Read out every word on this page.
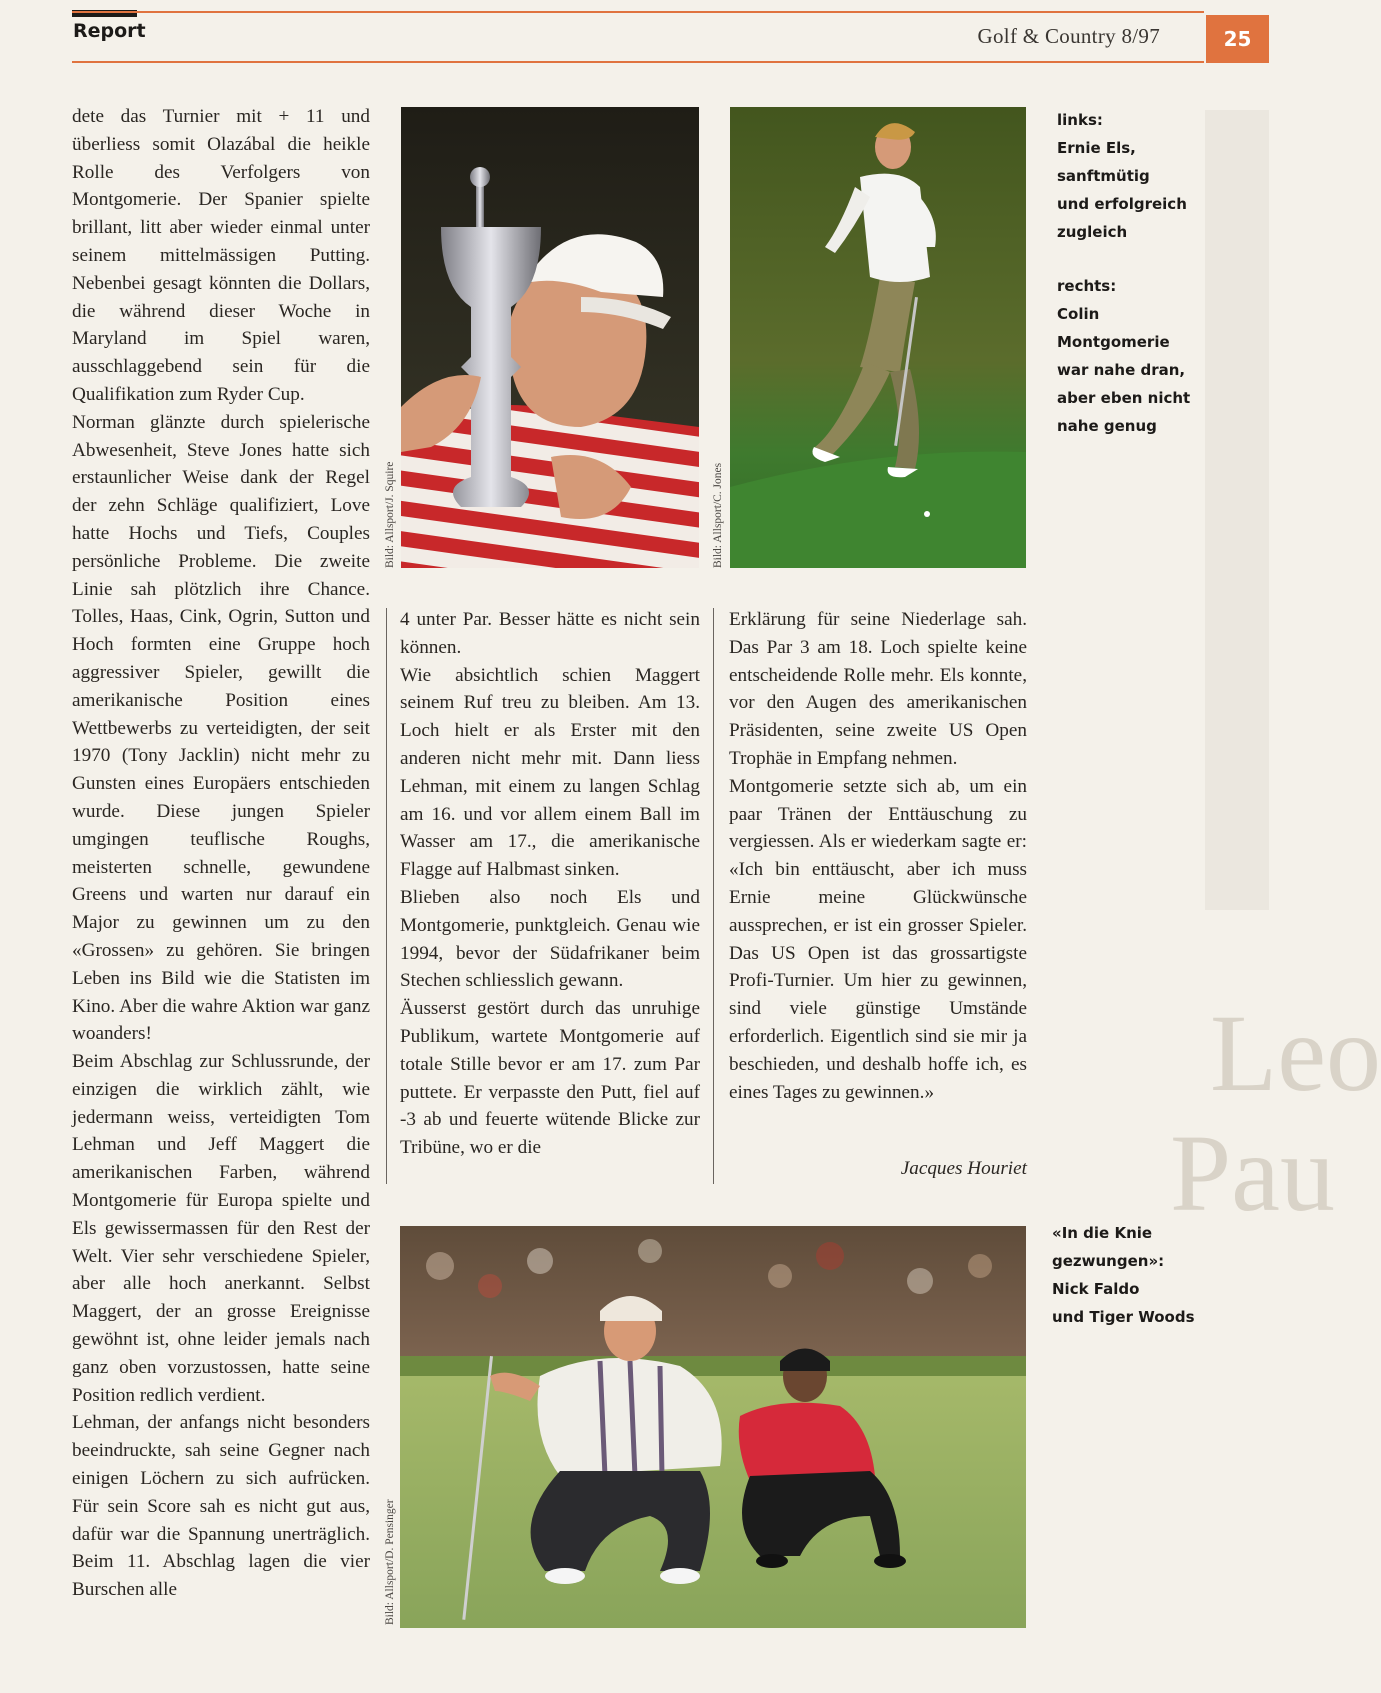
Report	Golf & Country 8/97	25

dete das Turnier mit + 11 und überliess somit Olazábal die heikle Rolle des Verfolgers von Montgomerie. Der Spanier spielte brillant, litt aber wieder einmal unter seinem mittelmässigen Putting. Nebenbei gesagt könnten die Dollars, die während dieser Woche in Maryland im Spiel waren, ausschlaggebend sein für die Qualifikation zum Ryder Cup.

Norman glänzte durch spielerische Abwesenheit, Steve Jones hatte sich erstaunlicher Weise dank der Regel der zehn Schläge qualifiziert, Love hatte Hochs und Tiefs, Couples persönliche Probleme. Die zweite Linie sah plötzlich ihre Chance. Tolles, Haas, Cink, Ogrin, Sutton und Hoch formten eine Gruppe hoch aggressiver Spieler, gewillt die amerikanische Position eines Wettbewerbs zu verteidigten, der seit 1970 (Tony Jacklin) nicht mehr zu Gunsten eines Europäers entschieden wurde. Diese jungen Spieler umgingen teuflische Roughs, meisterten schnelle, gewundene Greens und warten nur darauf ein Major zu gewinnen um zu den «Grossen» zu gehören. Sie bringen Leben ins Bild wie die Statisten im Kino. Aber die wahre Aktion war ganz woanders!

Beim Abschlag zur Schlussrunde, der einzigen die wirklich zählt, wie jedermann weiss, verteidigten Tom Lehman und Jeff Maggert die amerikanischen Farben, während Montgomerie für Europa spielte und Els gewissermassen für den Rest der Welt. Vier sehr verschiedene Spieler, aber alle hoch anerkannt. Selbst Maggert, der an grosse Ereignisse gewöhnt ist, ohne leider jemals nach ganz oben vorzustossen, hatte seine Position redlich verdient.

Lehman, der anfangs nicht besonders beeindruckte, sah seine Gegner nach einigen Löchern zu sich aufrücken. Für sein Score sah es nicht gut aus, dafür war die Spannung unerträglich. Beim 11. Abschlag lagen die vier Burschen alle

Bild: Allsport/J. Squire	Bild: Allsport/C. Jones
links:
Ernie Els,
sanftmütig
und erfolgreich
zugleich
rechts:
Colin
Montgomerie
war nahe dran,
aber eben nicht
nahe genug

4 unter Par. Besser hätte es nicht sein können.

Wie absichtlich schien Maggert seinem Ruf treu zu bleiben. Am 13. Loch hielt er als Erster mit den anderen nicht mehr mit. Dann liess Lehman, mit einem zu langen Schlag am 16. und vor allem einem Ball im Wasser am 17., die amerikanische Flagge auf Halbmast sinken.

Blieben also noch Els und Montgomerie, punktgleich. Genau wie 1994, bevor der Südafrikaner beim Stechen schliesslich gewann.

Äusserst gestört durch das unruhige Publikum, wartete Montgomerie auf totale Stille bevor er am 17. zum Par puttete. Er verpasste den Putt, fiel auf -3 ab und feuerte wütende Blicke zur Tribüne, wo er die

Erklärung für seine Niederlage sah. Das Par 3 am 18. Loch spielte keine entscheidende Rolle mehr. Els konnte, vor den Augen des amerikanischen Präsidenten, seine zweite US Open Trophäe in Empfang nehmen.

Montgomerie setzte sich ab, um ein paar Tränen der Enttäuschung zu vergiessen. Als er wiederkam sagte er: «Ich bin enttäuscht, aber ich muss Ernie meine Glückwünsche aussprechen, er ist ein grosser Spieler. Das US Open ist das grossartigste Profi-Turnier. Um hier zu gewinnen, sind viele günstige Umstände erforderlich. Eigentlich sind sie mir ja beschieden, und deshalb hoffe ich, es eines Tages zu gewinnen.»

Jacques Houriet
Leo
Pau
Bild: Allsport/D. Pensinger
«In die Knie
gezwungen»:
Nick Faldo
und Tiger Woods
